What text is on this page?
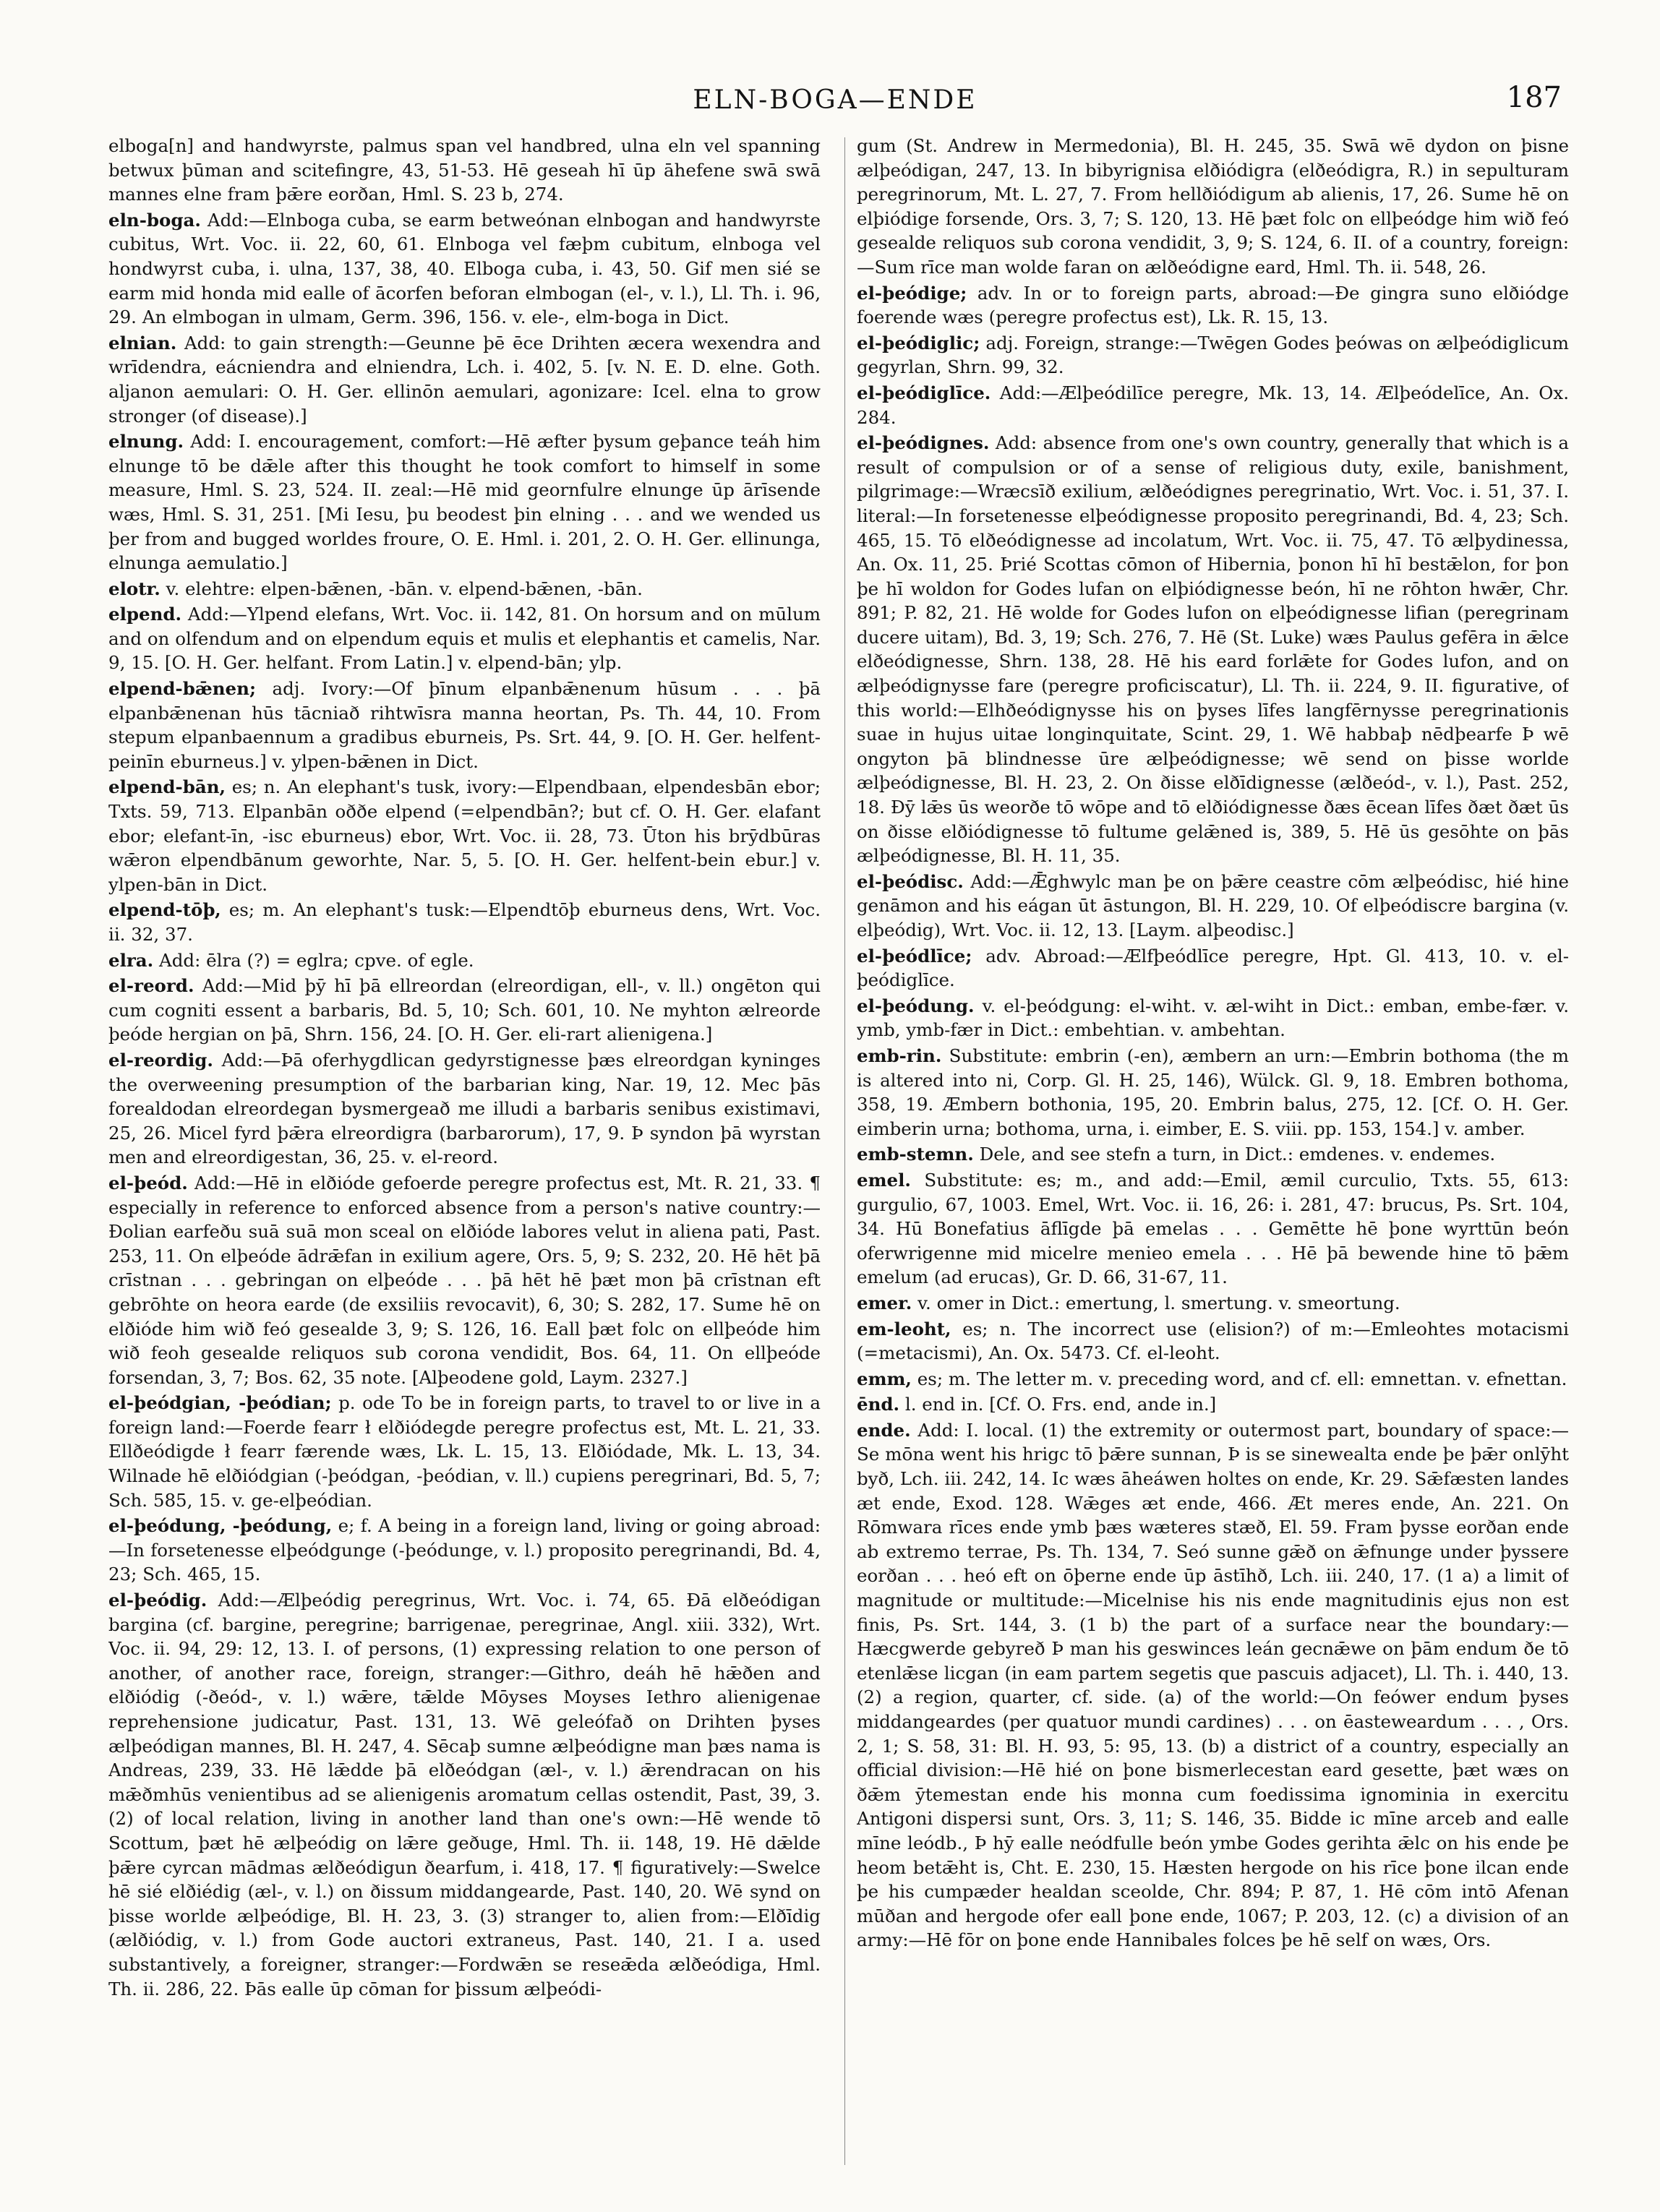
ELN-BOGA—ENDE	187

elboga[n] and handwyrste, palmus span vel handbred, ulna eln vel spanning betwux þūman and scitefingre, 43, 51-53. Hē geseah hī ūp āhefene swā swā mannes elne fram þǣre eorðan, Hml. S. 23 b, 274.

eln-boga. Add:—Elnboga cuba, se earm betweónan elnbogan and handwyrste cubitus, Wrt. Voc. ii. 22, 60, 61. Elnboga vel fæþm cubitum, elnboga vel hondwyrst cuba, i. ulna, 137, 38, 40. Elboga cuba, i. 43, 50. Gif men sié se earm mid honda mid ealle of ācorfen beforan elmbogan (el-, v. l.), Ll. Th. i. 96, 29. An elmbogan in ulmam, Germ. 396, 156. v. ele-, elm-boga in Dict.

elnian. Add: to gain strength:—Geunne þē ēce Drihten æcera wexendra and wrīdendra, eácniendra and elniendra, Lch. i. 402, 5. [v. N. E. D. elne. Goth. aljanon aemulari: O. H. Ger. ellinōn aemulari, agonizare: Icel. elna to grow stronger (of disease).]

elnung. Add: I. encouragement, comfort:—Hē æfter þysum geþance teáh him elnunge tō be dǣle after this thought he took comfort to himself in some measure, Hml. S. 23, 524. II. zeal:—Hē mid geornfulre elnunge ūp ārīsende wæs, Hml. S. 31, 251. [Mi Iesu, þu beodest þin elning . . . and we wended us þer from and bugged worldes froure, O. E. Hml. i. 201, 2. O. H. Ger. ellinunga, elnunga aemulatio.]

elotr. v. elehtre: elpen-bǣnen, -bān. v. elpend-bǣnen, -bān.

elpend. Add:—Ylpend elefans, Wrt. Voc. ii. 142, 81. On horsum and on mūlum and on olfendum and on elpendum equis et mulis et elephantis et camelis, Nar. 9, 15. [O. H. Ger. helfant. From Latin.] v. elpend-bān; ylp.

elpend-bǣnen; adj. Ivory:—Of þīnum elpanbǣnenum hūsum . . . þā elpanbǣnenan hūs tācniað rihtwīsra manna heortan, Ps. Th. 44, 10. From stepum elpanbaennum a gradibus eburneis, Ps. Srt. 44, 9. [O. H. Ger. helfent-peinīn eburneus.] v. ylpen-bǣnen in Dict.

elpend-bān, es; n. An elephant's tusk, ivory:—Elpendbaan, elpendesbān ebor; Txts. 59, 713. Elpanbān oððe elpend (=elpendbān?; but cf. O. H. Ger. elafant ebor; elefant-īn, -isc eburneus) ebor, Wrt. Voc. ii. 28, 73. Ūton his brȳdbūras wǣron elpendbānum geworhte, Nar. 5, 5. [O. H. Ger. helfent-bein ebur.] v. ylpen-bān in Dict.

elpend-tōþ, es; m. An elephant's tusk:—Elpendtōþ eburneus dens, Wrt. Voc. ii. 32, 37.

elra. Add: ēlra (?) = eglra; cpve. of egle.

el-reord. Add:—Mid þȳ hī þā ellreordan (elreordigan, ell-, v. ll.) ongēton qui cum cogniti essent a barbaris, Bd. 5, 10; Sch. 601, 10. Ne myhton ælreorde þeóde hergian on þā, Shrn. 156, 24. [O. H. Ger. eli-rart alienigena.]

el-reordig. Add:—Þā oferhygdlican gedyrstignesse þæs elreordgan kyninges the overweening presumption of the barbarian king, Nar. 19, 12. Mec þās forealdodan elreordegan bysmergeað me illudi a barbaris senibus existimavi, 25, 26. Micel fyrd þǣra elreordigra (barbarorum), 17, 9. Þ syndon þā wyrstan men and elreordigestan, 36, 25. v. el-reord.

el-þeód. Add:—Hē in elðióde gefoerde peregre profectus est, Mt. R. 21, 33. ¶ especially in reference to enforced absence from a person's native country:—Ðolian earfeðu suā suā mon sceal on elðióde labores velut in aliena pati, Past. 253, 11. On elþeóde ādrǣfan in exilium agere, Ors. 5, 9; S. 232, 20. Hē hēt þā crīstnan . . . gebringan on elþeóde . . . þā hēt hē þæt mon þā crīstnan eft gebrōhte on heora earde (de exsiliis revocavit), 6, 30; S. 282, 17. Sume hē on elðióde him wið feó gesealde 3, 9; S. 126, 16. Eall þæt folc on ellþeóde him wið feoh gesealde reliquos sub corona vendidit, Bos. 64, 11. On ellþeóde forsendan, 3, 7; Bos. 62, 35 note. [Alþeodene gold, Laym. 2327.]

el-þeódgian, -þeódian; p. ode To be in foreign parts, to travel to or live in a foreign land:—Foerde fearr ł elðiódegde peregre profectus est, Mt. L. 21, 33. Ellðeódigde ł fearr færende wæs, Lk. L. 15, 13. Elðiódade, Mk. L. 13, 34. Wilnade hē elðiódgian (-þeódgan, -þeódian, v. ll.) cupiens peregrinari, Bd. 5, 7; Sch. 585, 15. v. ge-elþeódian.

el-þeódung, -þeódung, e; f. A being in a foreign land, living or going abroad:—In forsetenesse elþeódgunge (-þeódunge, v. l.) proposito peregrinandi, Bd. 4, 23; Sch. 465, 15.

el-þeódig. Add:—Ælþeódig peregrinus, Wrt. Voc. i. 74, 65. Ðā elðeódigan bargina (cf. bargine, peregrine; barrigenae, peregrinae, Angl. xiii. 332), Wrt. Voc. ii. 94, 29: 12, 13. I. of persons, (1) expressing relation to one person of another, of another race, foreign, stranger:—Githro, deáh hē hǣðen and elðiódig (-ðeód-, v. l.) wǣre, tǣlde Mōyses Moyses Iethro alienigenae reprehensione judicatur, Past. 131, 13. Wē geleófað on Drihten þyses ælþeódigan mannes, Bl. H. 247, 4. Sēcaþ sumne ælþeódigne man þæs nama is Andreas, 239, 33. Hē lǣdde þā elðeódgan (æl-, v. l.) ǣrendracan on his mǣðmhūs venientibus ad se alienigenis aromatum cellas ostendit, Past, 39, 3. (2) of local relation, living in another land than one's own:—Hē wende tō Scottum, þæt hē ælþeódig on lǣre geðuge, Hml. Th. ii. 148, 19. Hē dǣlde þǣre cyrcan mādmas ælðeódigun ðearfum, i. 418, 17. ¶ figuratively:—Swelce hē sié elðiédig (æl-, v. l.) on ðissum middangearde, Past. 140, 20. Wē synd on þisse worlde ælþeódige, Bl. H. 23, 3. (3) stranger to, alien from:—Elðīdig (ælðiódig, v. l.) from Gode auctori extraneus, Past. 140, 21. I a. used substantively, a foreigner, stranger:—Fordwǣn se reseǣda ælðeódiga, Hml. Th. ii. 286, 22. Þās ealle ūp cōman for þissum ælþeódi-

gum (St. Andrew in Mermedonia), Bl. H. 245, 35. Swā wē dydon on þisne ælþeódigan, 247, 13. In bibyrignisa elðiódigra (elðeódigra, R.) in sepulturam peregrinorum, Mt. L. 27, 7. From hellðiódigum ab alienis, 17, 26. Sume hē on elþiódige forsende, Ors. 3, 7; S. 120, 13. Hē þæt folc on ellþeódge him wið feó gesealde reliquos sub corona vendidit, 3, 9; S. 124, 6. II. of a country, foreign:—Sum rīce man wolde faran on ælðeódigne eard, Hml. Th. ii. 548, 26.

el-þeódige; adv. In or to foreign parts, abroad:—Ðe gingra suno elðiódge foerende wæs (peregre profectus est), Lk. R. 15, 13.

el-þeódiglic; adj. Foreign, strange:—Twēgen Godes þeówas on ælþeódiglicum gegyrlan, Shrn. 99, 32.

el-þeódiglīce. Add:—Ælþeódilīce peregre, Mk. 13, 14. Ælþeódelīce, An. Ox. 284.

el-þeódignes. Add: absence from one's own country, generally that which is a result of compulsion or of a sense of religious duty, exile, banishment, pilgrimage:—Wræcsīð exilium, ælðeódignes peregrinatio, Wrt. Voc. i. 51, 37. I. literal:—In forsetenesse elþeódignesse proposito peregrinandi, Bd. 4, 23; Sch. 465, 15. Tō elðeódignesse ad incolatum, Wrt. Voc. ii. 75, 47. Tō ælþydinessa, An. Ox. 11, 25. Þrié Scottas cōmon of Hibernia, þonon hī hī bestǣlon, for þon þe hī woldon for Godes lufan on elþiódignesse beón, hī ne rōhton hwǣr, Chr. 891; P. 82, 21. Hē wolde for Godes lufon on elþeódignesse lifian (peregrinam ducere uitam), Bd. 3, 19; Sch. 276, 7. Hē (St. Luke) wæs Paulus gefēra in ǣlce elðeódignesse, Shrn. 138, 28. Hē his eard forlǣte for Godes lufon, and on ælþeódignysse fare (peregre proficiscatur), Ll. Th. ii. 224, 9. II. figurative, of this world:—Elhðeódignysse his on þyses līfes langfērnysse peregrinationis suae in hujus uitae longinquitate, Scint. 29, 1. Wē habbaþ nēdþearfe Þ wē ongyton þā blindnesse ūre ælþeódignesse; wē send on þisse worlde ælþeódignesse, Bl. H. 23, 2. On ðisse elðīdignesse (ælðeód-, v. l.), Past. 252, 18. Ðȳ lǣs ūs weorðe tō wōpe and tō elðiódignesse ðæs ēcean līfes ðæt ðæt ūs on ðisse elðiódignesse tō fultume gelǣned is, 389, 5. Hē ūs gesōhte on þās ælþeódignesse, Bl. H. 11, 35.

el-þeódisc. Add:—Ǣghwylc man þe on þǣre ceastre cōm ælþeódisc, hié hine genāmon and his eágan ūt āstungon, Bl. H. 229, 10. Of elþeódiscre bargina (v. elþeódig), Wrt. Voc. ii. 12, 13. [Laym. alþeodisc.]

el-þeódlīce; adv. Abroad:—Ælfþeódlīce peregre, Hpt. Gl. 413, 10. v. el-þeódiglīce.

el-þeódung. v. el-þeódgung: el-wiht. v. æl-wiht in Dict.: emban, embe-fær. v. ymb, ymb-fær in Dict.: embehtian. v. ambehtan.

emb-rin. Substitute: embrin (-en), æmbern an urn:—Embrin bothoma (the m is altered into ni, Corp. Gl. H. 25, 146), Wülck. Gl. 9, 18. Embren bothoma, 358, 19. Æmbern bothonia, 195, 20. Embrin balus, 275, 12. [Cf. O. H. Ger. eimberin urna; bothoma, urna, i. eimber, E. S. viii. pp. 153, 154.] v. amber.

emb-stemn. Dele, and see stefn a turn, in Dict.: emdenes. v. endemes.

emel. Substitute: es; m., and add:—Emil, æmil curculio, Txts. 55, 613: gurgulio, 67, 1003. Emel, Wrt. Voc. ii. 16, 26: i. 281, 47: brucus, Ps. Srt. 104, 34. Hū Bonefatius āflīgde þā emelas . . . Gemētte hē þone wyrttūn beón oferwrigenne mid micelre menieo emela . . . Hē þā bewende hine tō þǣm emelum (ad erucas), Gr. D. 66, 31-67, 11.

emer. v. omer in Dict.: emertung, l. smertung. v. smeortung.

em-leoht, es; n. The incorrect use (elision?) of m:—Emleohtes motacismi (=metacismi), An. Ox. 5473. Cf. el-leoht.

emm, es; m. The letter m. v. preceding word, and cf. ell: emnettan. v. efnettan.

ēnd. l. end in. [Cf. O. Frs. end, ande in.]

ende. Add: I. local. (1) the extremity or outermost part, boundary of space:—Se mōna went his hrigc tō þǣre sunnan, Þ is se sinewealta ende þe þǣr onlȳht byð, Lch. iii. 242, 14. Ic wæs āheáwen holtes on ende, Kr. 29. Sǣfæsten landes æt ende, Exod. 128. Wǣges æt ende, 466. Æt meres ende, An. 221. On Rōmwara rīces ende ymb þæs wæteres stæð, El. 59. Fram þysse eorðan ende ab extremo terrae, Ps. Th. 134, 7. Seó sunne gǣð on ǣfnunge under þyssere eorðan . . . heó eft on ōþerne ende ūp āstīhð, Lch. iii. 240, 17. (1 a) a limit of magnitude or multitude:—Micelnise his nis ende magnitudinis ejus non est finis, Ps. Srt. 144, 3. (1 b) the part of a surface near the boundary:—Hæcgwerde gebyreð Þ man his geswinces leán gecnǣwe on þām endum ðe tō etenlǣse licgan (in eam partem segetis que pascuis adjacet), Ll. Th. i. 440, 13. (2) a region, quarter, cf. side. (a) of the world:—On feówer endum þyses middangeardes (per quatuor mundi cardines) . . . on ēasteweardum . . . , Ors. 2, 1; S. 58, 31: Bl. H. 93, 5: 95, 13. (b) a district of a country, especially an official division:—Hē hié on þone bismerlecestan eard gesette, þæt wæs on ðǣm ȳtemestan ende his monna cum foedissima ignominia in exercitu Antigoni dispersi sunt, Ors. 3, 11; S. 146, 35. Bidde ic mīne arceb and ealle mīne leódb., Þ hȳ ealle neódfulle beón ymbe Godes gerihta ǣlc on his ende þe heom betǣht is, Cht. E. 230, 15. Hæsten hergode on his rīce þone ilcan ende þe his cumpæder healdan sceolde, Chr. 894; P. 87, 1. Hē cōm intō Afenan mūðan and hergode ofer eall þone ende, 1067; P. 203, 12. (c) a division of an army:—Hē fōr on þone ende Hannibales folces þe hē self on wæs, Ors.
